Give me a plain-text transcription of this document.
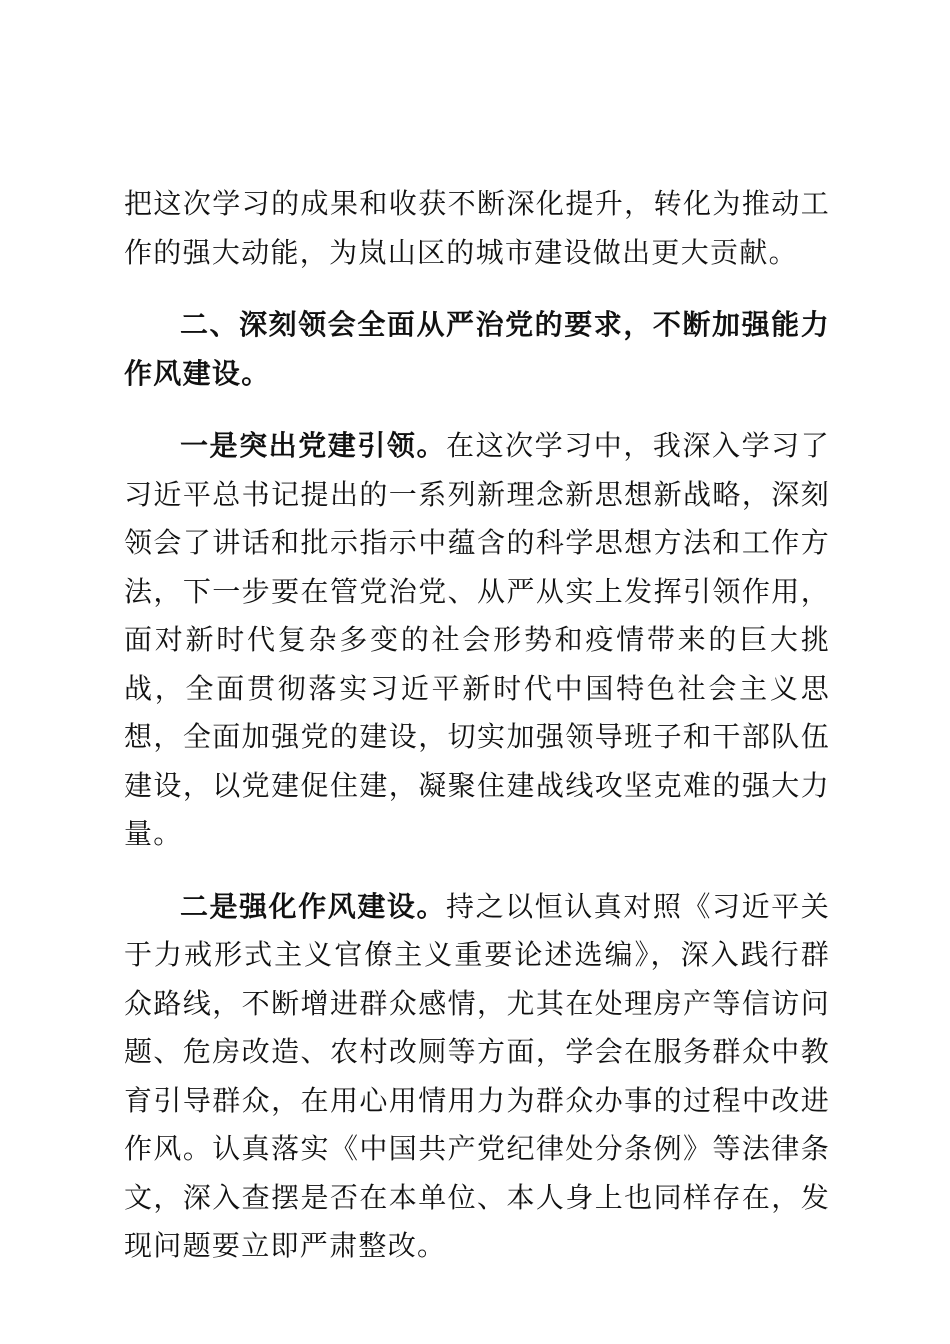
把这次学习的成果和收获不断深化提升，转化为推动工作的强大动能，为岚山区的城市建设做出更大贡献。

二、深刻领会全面从严治党的要求，不断加强能力作风建设。

一是突出党建引领。在这次学习中，我深入学习了习近平总书记提出的一系列新理念新思想新战略，深刻领会了讲话和批示指示中蕴含的科学思想方法和工作方法，下一步要在管党治党、从严从实上发挥引领作用，面对新时代复杂多变的社会形势和疫情带来的巨大挑战，全面贯彻落实习近平新时代中国特色社会主义思想，全面加强党的建设，切实加强领导班子和干部队伍建设，以党建促住建，凝聚住建战线攻坚克难的强大力量。

二是强化作风建设。持之以恒认真对照《习近平关于力戒形式主义官僚主义重要论述选编》，深入践行群众路线，不断增进群众感情，尤其在处理房产等信访问题、危房改造、农村改厕等方面，学会在服务群众中教育引导群众，在用心用情用力为群众办事的过程中改进作风。认真落实《中国共产党纪律处分条例》等法律条文，深入查摆是否在本单位、本人身上也同样存在，发现问题要立即严肃整改。
